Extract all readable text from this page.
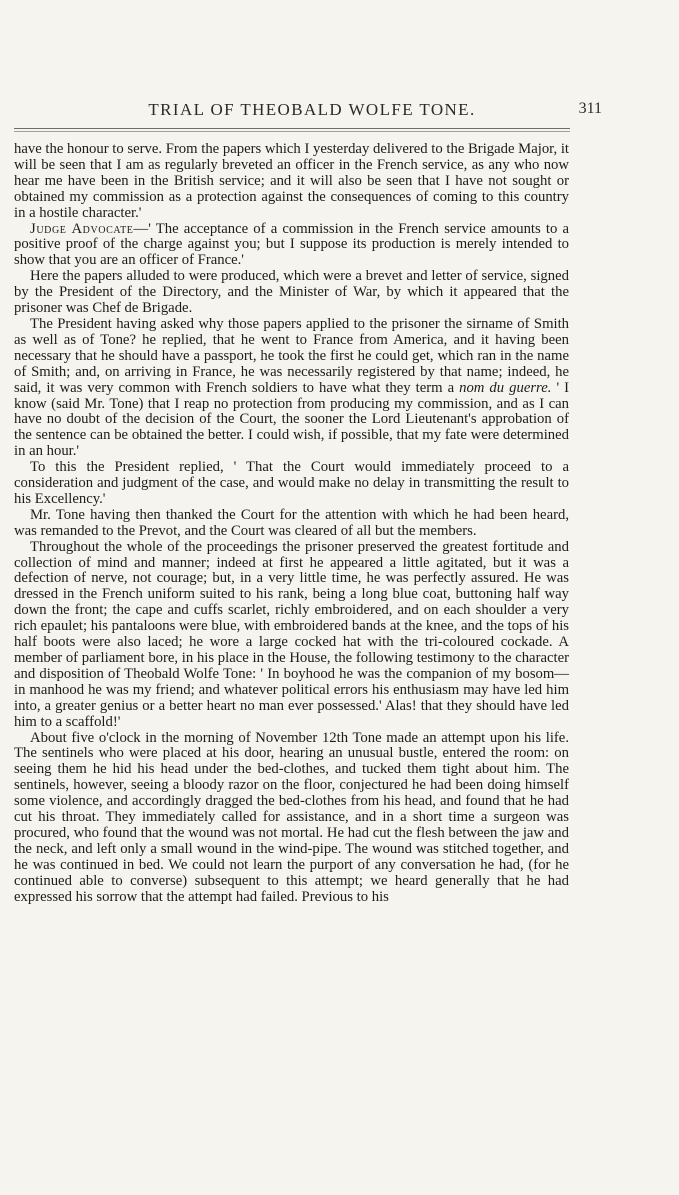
TRIAL OF THEOBALD WOLFE TONE.	311

have the honour to serve. From the papers which I yesterday delivered to the Brigade Major, it will be seen that I am as regularly breveted an officer in the French service, as any who now hear me have been in the British service; and it will also be seen that I have not sought or obtained my commission as a protection against the consequences of coming to this country in a hostile character.'

Judge Advocate—' The acceptance of a commission in the French service amounts to a positive proof of the charge against you; but I suppose its production is merely intended to show that you are an officer of France.'

Here the papers alluded to were produced, which were a brevet and letter of service, signed by the President of the Directory, and the Minister of War, by which it appeared that the prisoner was Chef de Brigade.

The President having asked why those papers applied to the prisoner the sirname of Smith as well as of Tone? he replied, that he went to France from America, and it having been necessary that he should have a passport, he took the first he could get, which ran in the name of Smith; and, on arriving in France, he was necessarily registered by that name; indeed, he said, it was very common with French soldiers to have what they term a nom du guerre. ' I know (said Mr. Tone) that I reap no protection from producing my commission, and as I can have no doubt of the decision of the Court, the sooner the Lord Lieutenant's approbation of the sentence can be obtained the better. I could wish, if possible, that my fate were determined in an hour.'

To this the President replied, ' That the Court would immediately proceed to a consideration and judgment of the case, and would make no delay in transmitting the result to his Excellency.'

Mr. Tone having then thanked the Court for the attention with which he had been heard, was remanded to the Prevot, and the Court was cleared of all but the members.

Throughout the whole of the proceedings the prisoner preserved the greatest fortitude and collection of mind and manner; indeed at first he appeared a little agitated, but it was a defection of nerve, not courage; but, in a very little time, he was perfectly assured. He was dressed in the French uniform suited to his rank, being a long blue coat, buttoning half way down the front; the cape and cuffs scarlet, richly embroidered, and on each shoulder a very rich epaulet; his pantaloons were blue, with embroidered bands at the knee, and the tops of his half boots were also laced; he wore a large cocked hat with the tri-coloured cockade. A member of parliament bore, in his place in the House, the following testimony to the character and disposition of Theobald Wolfe Tone: ' In boyhood he was the companion of my bosom—in manhood he was my friend; and whatever political errors his enthusiasm may have led him into, a greater genius or a better heart no man ever possessed.' Alas! that they should have led him to a scaffold!'

About five o'clock in the morning of November 12th Tone made an attempt upon his life. The sentinels who were placed at his door, hearing an unusual bustle, entered the room: on seeing them he hid his head under the bed-clothes, and tucked them tight about him. The sentinels, however, seeing a bloody razor on the floor, conjectured he had been doing himself some violence, and accordingly dragged the bed-clothes from his head, and found that he had cut his throat. They immediately called for assistance, and in a short time a surgeon was procured, who found that the wound was not mortal. He had cut the flesh between the jaw and the neck, and left only a small wound in the wind-pipe. The wound was stitched together, and he was continued in bed. We could not learn the purport of any conversation he had, (for he continued able to converse) subsequent to this attempt; we heard generally that he had expressed his sorrow that the attempt had failed. Previous to his
